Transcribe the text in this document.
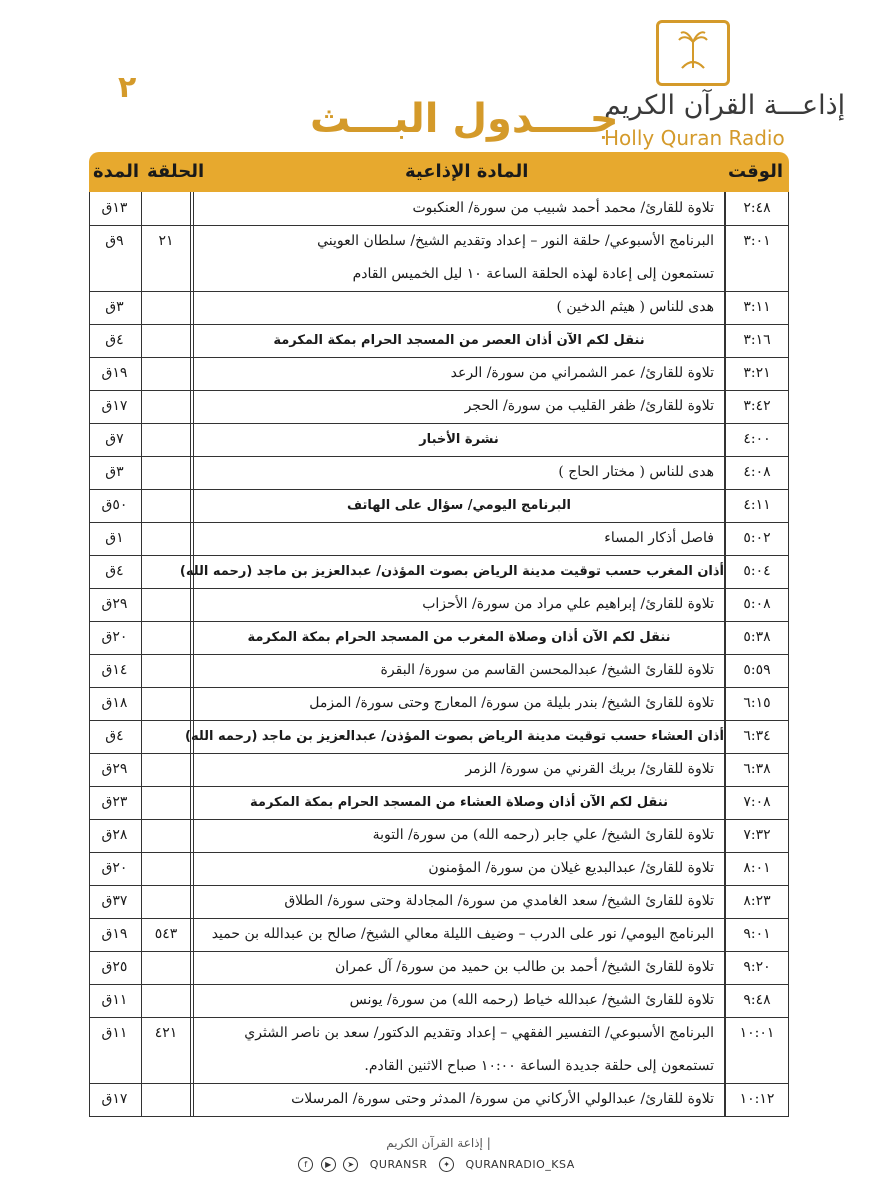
إذاعـــة القرآن الكريم
Holly Quran Radio
٢
جــــدول البـــث
الوقت
المادة الإذاعية
الحلقة
المدة
٢:٤٨
تلاوة للقارئ/ محمد أحمد شبيب من سورة/ العنكبوت
١٣ق
٣:٠١
البرنامج الأسبوعي/ حلقة النور – إعداد وتقديم الشيخ/ سلطان العويني
تستمعون إلى إعادة لهذه الحلقة الساعة ١٠ ليل الخميس القادم
٢١
٩ق
٣:١١
هدى للناس ( هيثم الدخين )
٣ق
٣:١٦
ننقل لكم الآن أذان العصر من المسجد الحرام بمكة المكرمة
٤ق
٣:٢١
تلاوة للقارئ/ عمر الشمراني من سورة/ الرعد
١٩ق
٣:٤٢
تلاوة للقارئ/ ظفر القليب من سورة/ الحجر
١٧ق
٤:٠٠
نشرة الأخبار
٧ق
٤:٠٨
هدى للناس ( مختار الحاج )
٣ق
٤:١١
البرنامج اليومي/ سؤال على الهاتف
٥٠ق
٥:٠٢
فاصل أذكار المساء
١ق
٥:٠٤
أذان المغرب حسب توقيت مدينة الرياض بصوت المؤذن/ عبدالعزيز بن ماجد (رحمه الله)
٤ق
٥:٠٨
تلاوة للقارئ/ إبراهيم علي مراد من سورة/ الأحزاب
٢٩ق
٥:٣٨
ننقل لكم الآن أذان وصلاة المغرب من المسجد الحرام بمكة المكرمة
٢٠ق
٥:٥٩
تلاوة للقارئ الشيخ/ عبدالمحسن القاسم من سورة/ البقرة
١٤ق
٦:١٥
تلاوة للقارئ الشيخ/ بندر بليلة من سورة/ المعارج وحتى سورة/ المزمل
١٨ق
٦:٣٤
أذان العشاء حسب توقيت مدينة الرياض بصوت المؤذن/ عبدالعزيز بن ماجد (رحمه الله)
٤ق
٦:٣٨
تلاوة للقارئ/ بريك القرني من سورة/ الزمر
٢٩ق
٧:٠٨
ننقل لكم الآن أذان وصلاة العشاء من المسجد الحرام بمكة المكرمة
٢٣ق
٧:٣٢
تلاوة للقارئ الشيخ/ علي جابر (رحمه الله) من سورة/ التوبة
٢٨ق
٨:٠١
تلاوة للقارئ/ عبدالبديع غيلان من سورة/ المؤمنون
٢٠ق
٨:٢٣
تلاوة للقارئ الشيخ/ سعد الغامدي من سورة/ المجادلة وحتى سورة/ الطلاق
٣٧ق
٩:٠١
البرنامج اليومي/ نور على الدرب – وضيف الليلة معالي الشيخ/ صالح بن عبدالله بن حميد
٥٤٣
١٩ق
٩:٢٠
تلاوة للقارئ الشيخ/ أحمد بن طالب بن حميد من سورة/ آل عمران
٢٥ق
٩:٤٨
تلاوة للقارئ الشيخ/ عبدالله خياط (رحمه الله) من سورة/ يونس
١١ق
١٠:٠١
البرنامج الأسبوعي/ التفسير الفقهي – إعداد وتقديم الدكتور/ سعد بن ناصر الشثري
تستمعون إلى حلقة جديدة الساعة ١٠:٠٠ صباح الاثنين القادم.
٤٢١
١١ق
١٠:١٢
تلاوة للقارئ/ عبدالولي الأركاني من سورة/ المدثر وحتى سورة/ المرسلات
١٧ق
| إذاعة القرآن الكريم
f ▶ ➤ QURANSR ✦ QURANRADIO_KSA
